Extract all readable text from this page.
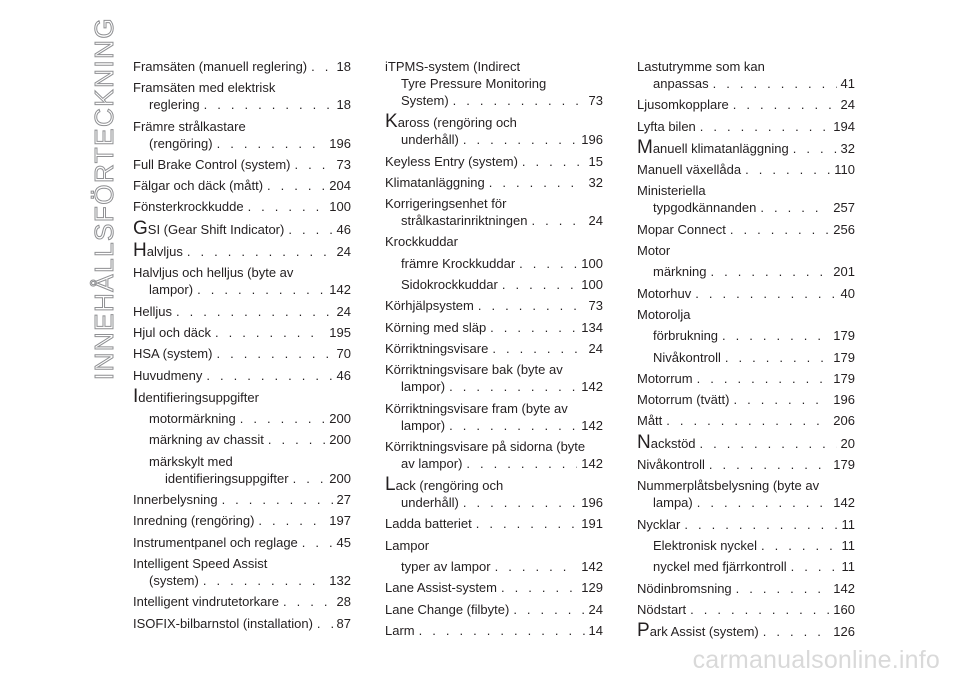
INNEHÅLLSFÖRTECKNING Framsäten (manuell reglering) . . . 18
Framsäten med elektrisk
reglering . . .	18
Främre strålkastare
(rengöring) . . .	196
Full Brake Control (system) . . .	73
Fälgar och däck (mått) . . .	204
Fönsterkrockkudde . . .	100
GSI (Gear Shift Indicator) . . .	46
Halvljus . . .	24
Halvljus och helljus (byte av
lampor) . . .	142
Helljus . . .	24
Hjul och däck . . .	195
HSA (system) . . .	70
Huvudmeny . . .	46
Identifieringsuppgifter
motormärkning . . .	200
märkning av chassit . . .	200
märkskylt med
identifieringsuppgifter . . .	200
Innerbelysning . . .	27
Inredning (rengöring) . . .	197
Instrumentpanel och reglage . . .	45
Intelligent Speed Assist
(system) . . .	132
Intelligent vindrutetorkare . . .	28
ISOFIX-bilbarnstol (installation) . . . 87
iTPMS-system (Indirect
Tyre Pressure Monitoring
System) . . .	73
Kaross (rengöring och
underhåll) . . .	196
Keyless Entry (system) . . .	15
Klimatanläggning . . .	32
Korrigeringsenhet för
strålkastarinriktningen . . .	24
Krockkuddar
främre Krockkuddar . . .	100
Sidokrockkuddar . . .	100
Körhjälpsystem . . .	73
Körning med släp . . .	134
Körriktningsvisare . . .	24
Körriktningsvisare bak (byte av
lampor) . . .	142
Körriktningsvisare fram (byte av
lampor) . . .	142
Körriktningsvisare på sidorna (byte
av lampor) . . .	142
Lack (rengöring och
underhåll) . . .	196
Ladda batteriet . . .	191
Lampor
typer av lampor . . .	142
Lane Assist-system . . .	129
Lane Change (filbyte) . . .	24
Larm . . .	14
Lastutrymme som kan
anpassas . . .	41
Ljusomkopplare . . .	24
Lyfta bilen . . .	194
Manuell klimatanläggning . . .	32
Manuell växellåda . . .	110
Ministeriella
typgodkännanden . . .	257
Mopar Connect . . .	256
Motor
märkning . . .	201
Motorhuv . . .	40
Motorolja
förbrukning . . .	179
Nivåkontroll . . .	179
Motorrum . . .	179
Motorrum (tvätt) . . .	196
Mått . . .	206
Nackstöd . . .	20
Nivåkontroll . . .	179
Nummerplåtsbelysning (byte av
lampa) . . .	142
Nycklar . . .	11
Elektronisk nyckel . . .	11
nyckel med fjärrkontroll . . .	11
Nödinbromsning . . .	142
Nödstart . . .	160
Park Assist (system) . . .	126
carmanualsonline.info
